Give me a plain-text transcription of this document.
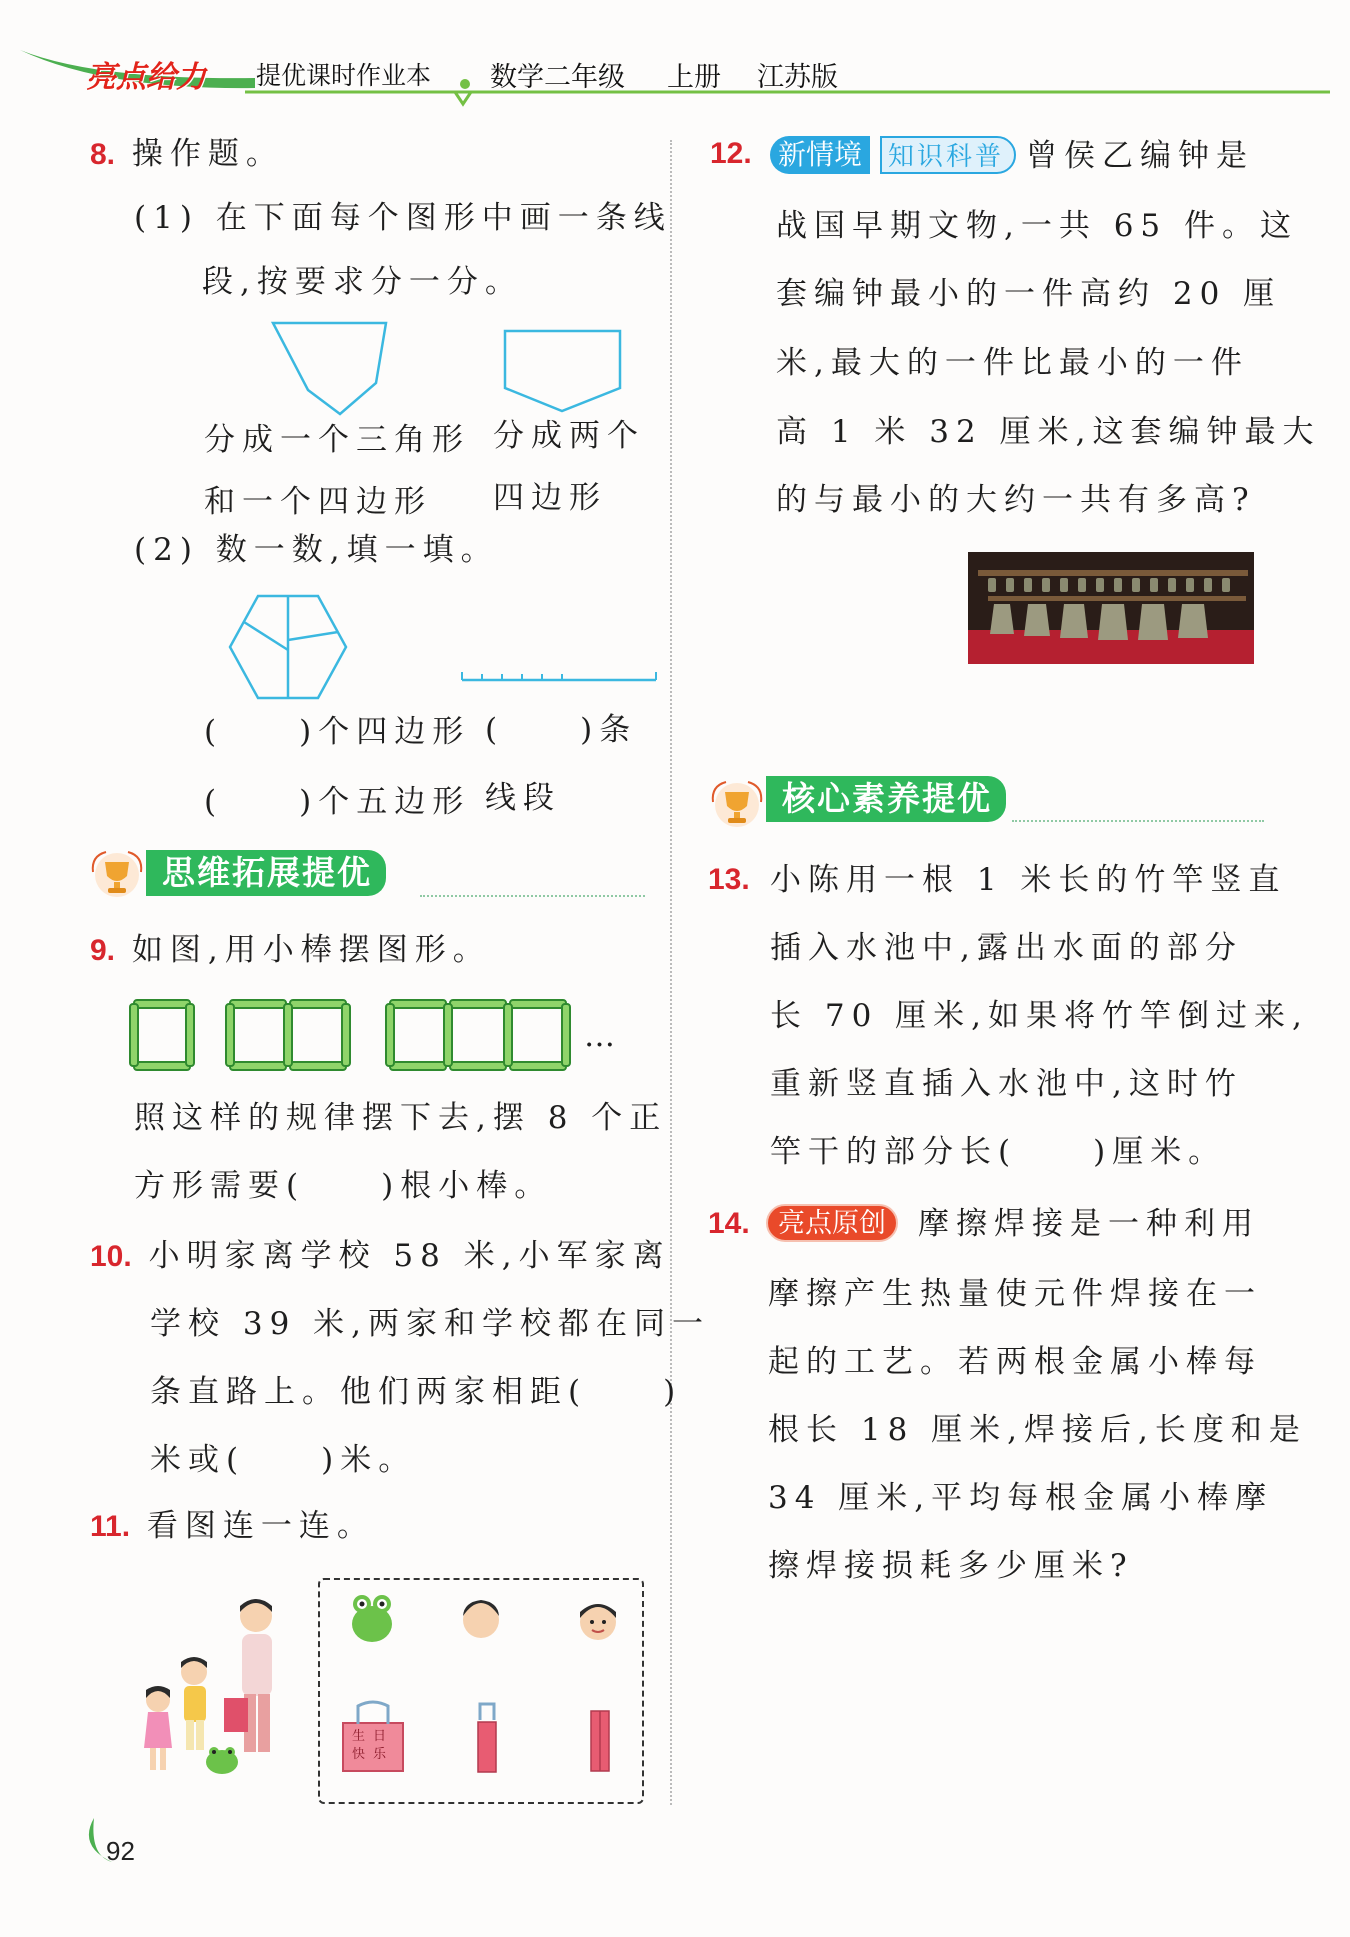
亮点给力 提优课时作业本 数学二年级 上册 江苏版
8. 操作题。
(1) 在下面每个图形中画一条线
段,按要求分一分。
分成一个三角形
和一个四边形
分成两个
四边形
(2) 数一数,填一填。
(　　)个四边形
(　　)个五边形
(　　)条
线段
思维拓展提优
9. 如图,用小棒摆图形。
…
照这样的规律摆下去,摆 8 个正
方形需要(　　)根小棒。
10. 小明家离学校 58 米,小军家离
学校 39 米,两家和学校都在同一
条直路上。他们两家相距(　　)
米或(　　)米。
11. 看图连一连。
生日快乐
92
12. 新情境 知识科普 曾侯乙编钟是
战国早期文物,一共 65 件。这
套编钟最小的一件高约 20 厘
米,最大的一件比最小的一件
高 1 米 32 厘米,这套编钟最大
的与最小的大约一共有多高?
核心素养提优
13. 小陈用一根 1 米长的竹竿竖直
插入水池中,露出水面的部分
长 70 厘米,如果将竹竿倒过来,
重新竖直插入水池中,这时竹
竿干的部分长(　　)厘米。
14.	亮点原创	摩擦焊接是一种利用
摩擦产生热量使元件焊接在一
起的工艺。若两根金属小棒每
根长 18 厘米,焊接后,长度和是
34 厘米,平均每根金属小棒摩
擦焊接损耗多少厘米?
